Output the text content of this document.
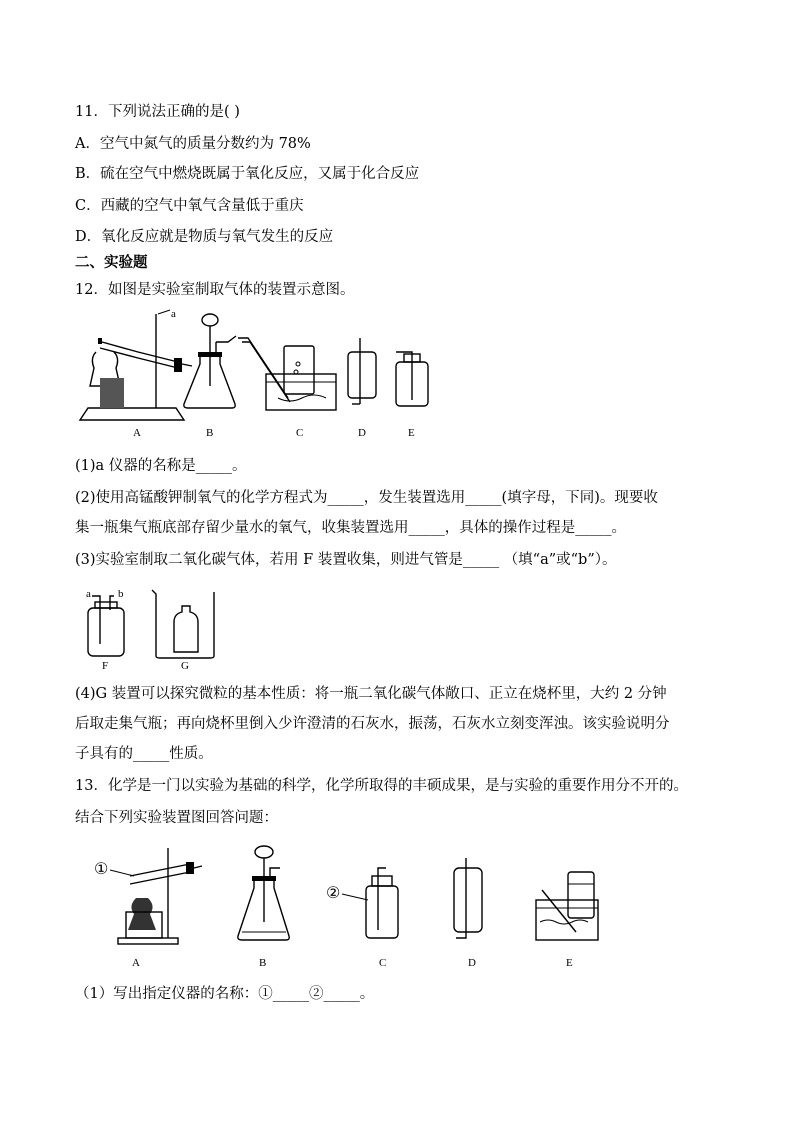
11．下列说法正确的是( )
A．空气中氮气的质量分数约为 78%
B．硫在空气中燃烧既属于氧化反应，又属于化合反应
C．西藏的空气中氧气含量低于重庆
D．氧化反应就是物质与氧气发生的反应
二、实验题
12．如图是实验室制取气体的装置示意图。
a
A	B	C	D	E
(1)a 仪器的名称是_____。
(2)使用高锰酸钾制氧气的化学方程式为_____，发生装置选用_____(填字母，下同)。现要收
集一瓶集气瓶底部存留少量水的氧气，收集装置选用_____，具体的操作过程是_____。
(3)实验室制取二氧化碳气体，若用 F 装置收集，则进气管是_____ （填“a”或“b”）。
a b
F	G
(4)G 装置可以探究微粒的基本性质：将一瓶二氧化碳气体敞口、正立在烧杯里，大约 2 分钟
后取走集气瓶；再向烧杯里倒入少许澄清的石灰水，振荡，石灰水立刻变浑浊。该实验说明分
子具有的_____性质。
13．化学是一门以实验为基础的科学，化学所取得的丰硕成果，是与实验的重要作用分不开的。
结合下列实验装置图回答问题：
①
A	B
②
C	D	E
（1）写出指定仪器的名称：①_____②_____。
